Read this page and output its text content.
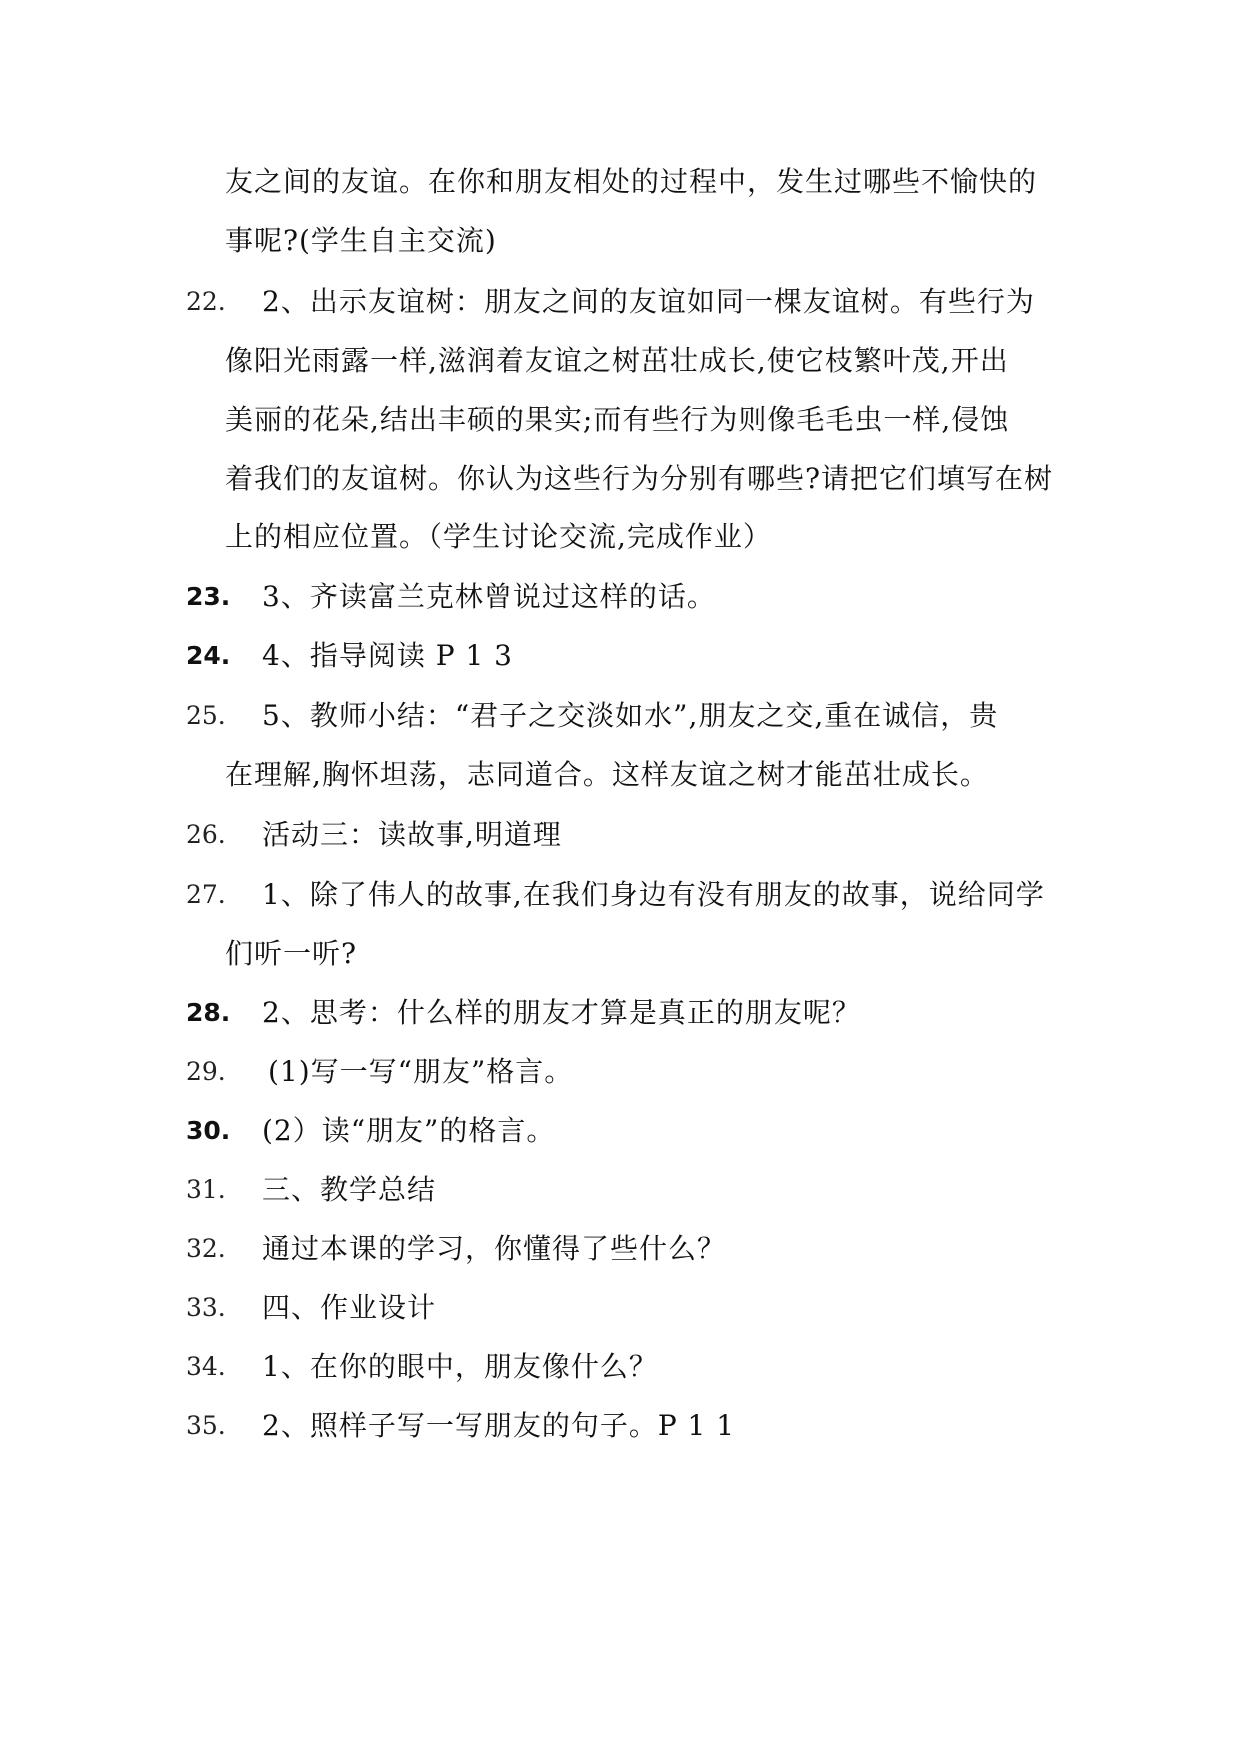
友之间的友谊。在你和朋友相处的过程中，发生过哪些不愉快的
事呢?(学生自主交流)
22.	2、出示友谊树：朋友之间的友谊如同一棵友谊树。有些行为
像阳光雨露一样,滋润着友谊之树茁壮成长,使它枝繁叶茂,开出
美丽的花朵,结出丰硕的果实;而有些行为则像毛毛虫一样,侵蚀
着我们的友谊树。你认为这些行为分别有哪些?请把它们填写在树
上的相应位置。（学生讨论交流,完成作业）
23. 3、齐读富兰克林曾说过这样的话。
24. 4、指导阅读 P 1 3
25.	5、教师小结：“君子之交淡如水”,朋友之交,重在诚信，贵
在理解,胸怀坦荡，志同道合。这样友谊之树才能茁壮成长。
26.	活动三：读故事,明道理
27.	1、除了伟人的故事,在我们身边有没有朋友的故事，说给同学
们听一听?
28. 2、思考：什么样的朋友才算是真正的朋友呢？
29.	(1)写一写“朋友”格言。
30. (2）读“朋友”的格言。
31.	三、教学总结
32.	通过本课的学习，你懂得了些什么？
33.	四、作业设计
34.	1、在你的眼中，朋友像什么？
35.	2、照样子写一写朋友的句子。P 1 1
